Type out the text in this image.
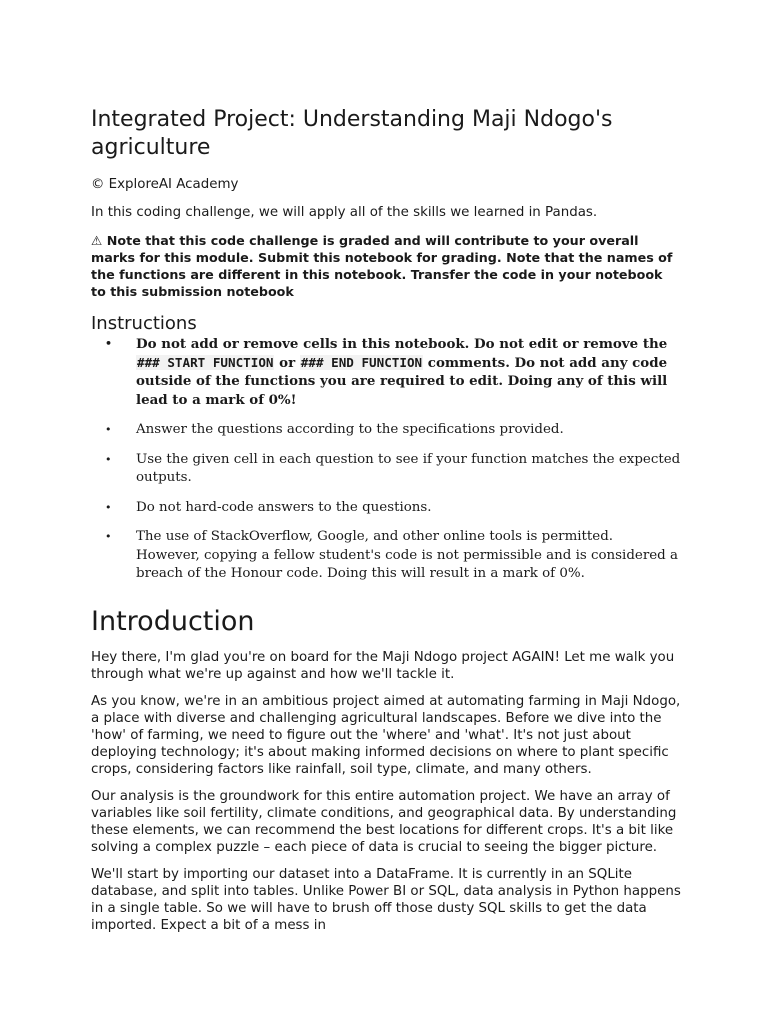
Integrated Project: Understanding Maji Ndogo's agriculture

© ExploreAI Academy

In this coding challenge, we will apply all of the skills we learned in Pandas.

⚠ Note that this code challenge is graded and will contribute to your overall marks for this module. Submit this notebook for grading. Note that the names of the functions are different in this notebook. Transfer the code in your notebook to this submission notebook

Instructions
• Do not add or remove cells in this notebook. Do not edit or remove the ### START FUNCTION or ### END FUNCTION comments. Do not add any code outside of the functions you are required to edit. Doing any of this will lead to a mark of 0%!
• Answer the questions according to the specifications provided.
• Use the given cell in each question to see if your function matches the expected outputs.
• Do not hard-code answers to the questions.
• The use of StackOverflow, Google, and other online tools is permitted. However, copying a fellow student's code is not permissible and is considered a breach of the Honour code. Doing this will result in a mark of 0%.
Introduction

Hey there, I'm glad you're on board for the Maji Ndogo project AGAIN! Let me walk you through what we're up against and how we'll tackle it.

As you know, we're in an ambitious project aimed at automating farming in Maji Ndogo, a place with diverse and challenging agricultural landscapes. Before we dive into the 'how' of farming, we need to figure out the 'where' and 'what'. It's not just about deploying technology; it's about making informed decisions on where to plant specific crops, considering factors like rainfall, soil type, climate, and many others.

Our analysis is the groundwork for this entire automation project. We have an array of variables like soil fertility, climate conditions, and geographical data. By understanding these elements, we can recommend the best locations for different crops. It's a bit like solving a complex puzzle – each piece of data is crucial to seeing the bigger picture.

We'll start by importing our dataset into a DataFrame. It is currently in an SQLite database, and split into tables. Unlike Power BI or SQL, data analysis in Python happens in a single table. So we will have to brush off those dusty SQL skills to get the data imported. Expect a bit of a mess in
